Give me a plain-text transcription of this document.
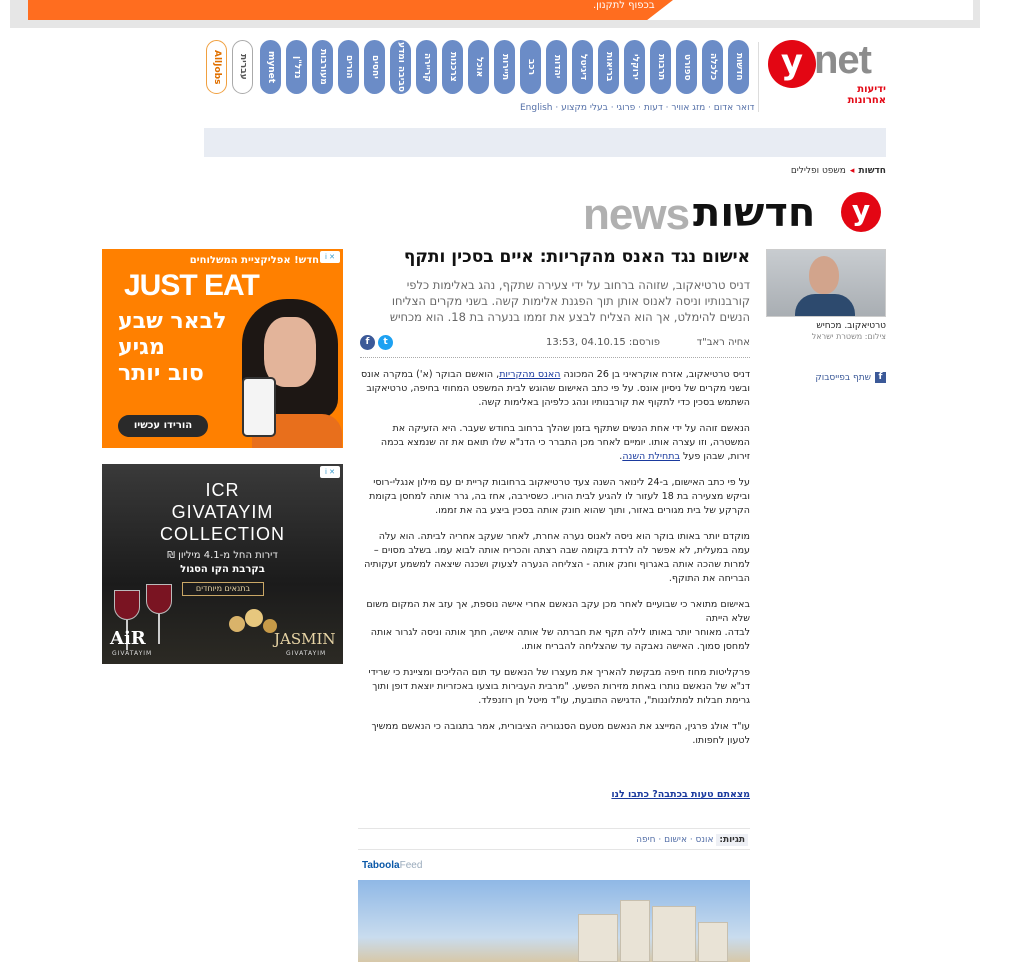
בכפוף לתקנון.
y net
ידיעות אחרונות
חדשות
כלכלה
ספורט
תרבות
ירוקלי
בריאות
דיגיטל
יהדות
רכב
תיירות
אוכל
צרכנות
קריירה
סביבה ומדע
יחסים
הורים
מעורבות
נדל"ן
mynet
עברית
AllJobs
דואר אדום · מזג אוויר · דעות · פרוגי · בעלי מקצוע · English
חדשות◂משפט ופלילים
news חדשות	y
טרטיאקוב. מכחיש
צילום: משטרת ישראל
f
שתף בפייסבוק
אישום נגד האנס מהקריות: איים בסכין ותקף
דניס טרטיאקוב, שזוהה ברחוב על ידי צעירה שתקף, נהג באלימות כלפי קורבנותיו וניסה לאנוס אותן תוך הפגנת אלימות קשה. בשני מקרים הצליחו הנשים להימלט, אך הוא הצליח לבצע את זממו בנערה בת 18. הוא מכחיש
אחיה ראב"ד
פורסם: 04.10.15 ,13:53
t
f

דניס טרטיאקוב, אזרח אוקראיני בן 26 המכונה האנס מהקריות, הואשם הבוקר (א') במקרה אונס ובשני מקרים של ניסיון אונס. על פי כתב האישום שהוגש לבית המשפט המחוזי בחיפה, טרטיאקוב השתמש בסכין כדי לתקוף את קורבנותיו ונהג כלפיהן באלימות קשה.

הנאשם זוהה על ידי אחת הנשים שתקף בזמן שהלך ברחוב בחודש שעבר. היא הזעיקה את המשטרה, וזו עצרה אותו. יומיים לאחר מכן התברר כי הדנ"א שלו תואם את זה שנמצא בכמה זירות, שבהן פעל בתחילת השנה.

על פי כתב האישום, ב-24 לינואר השנה צעד טרטיאקוב ברחובות קריית ים עם מילון אנגלי-רוסי וביקש מצעירה בת 18 לעזור לו להגיע לבית הוריו. כשסירבה, אחז בה, גרר אותה למחסן בקומת הקרקע של בית מגורים באזור, ותוך שהוא חונק אותה בסכין ביצע בה את זממו.

מוקדם יותר באותו בוקר הוא ניסה לאנוס נערה אחרת, לאחר שעקב אחריה לביתה. הוא עלה עמה במעלית, לא אפשר לה לרדת בקומה שבה רצתה והכריח אותה לבוא עמו. בשלב מסוים – למרות שהכה אותה באגרוף וחנק אותה - הצליחה הנערה לצעוק ושכנה שיצאה למשמע זעקותיה הבריחה את התוקף.

באישום מתואר כי שבועיים לאחר מכן עקב הנאשם אחרי אישה נוספת, אך עזב את המקום משום שלא הייתה
לבדה. מאוחר יותר באותו לילה תקף את חברתה של אותה אישה, חתך אותה וניסה לגרור אותה למחסן סמוך. האישה נאבקה עד שהצליחה להבריח אותו.

פרקליטות מחוז חיפה מבקשת להאריך את מעצרו של הנאשם עד תום ההליכים ומציינת כי שרידי דנ"א של הנאשם נותרו באחת מזירות הפשע. "מרבית העבירות בוצעו באכזריות יוצאת דופן ותוך גרימת חבלות למתלוננות", הדגישה התובעת, עו"ד מיטל חן רוזנפלד.

עו"ד אולג פרגין, המייצג את הנאשם מטעם הסנגוריה הציבורית, אמר בתגובה כי הנאשם ממשיך לטעון לחפותו.

מצאתם טעות בכתבה? כתבו לנו
תגיות: אונס · אישום · חיפה
TaboolaFeed
i ✕
חדש! אפליקציית המשלוחים
JUST EAT
לבאר שבע
מגיע
סוב יותר
הורידו עכשיו
i ✕
ICR
GIVATAYIM
COLLECTION
דירות החל מ-4.1 מיליון ₪
בקרבת הקו הסגול
בתנאים מיוחדים
AiR
GIVATAYIM
JASMIN
GIVATAYIM
